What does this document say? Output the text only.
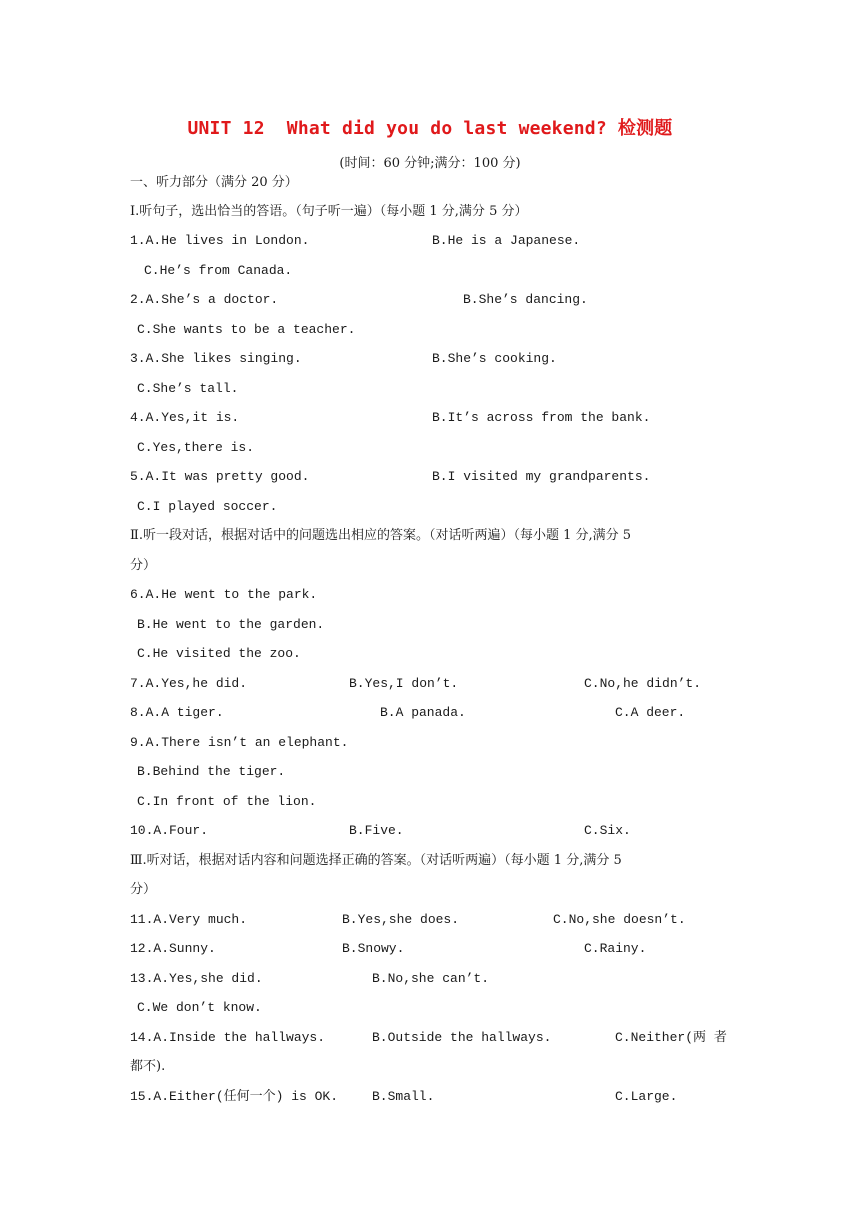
UNIT 12  What did you do last weekend? 检测题
(时间：60 分钟;满分：100 分)
一、听力部分（满分 20 分）
Ⅰ.听句子，选出恰当的答语。（句子听一遍）（每小题 1 分,满分 5 分）
1.A.He lives in London.	B.He is a Japanese.
C.He’s from Canada.
2.A.She’s a doctor.	B.She’s dancing.
C.She wants to be a teacher.
3.A.She likes singing.	B.She’s cooking.
C.She’s tall.
4.A.Yes,it is.	B.It’s across from the bank.
C.Yes,there is.
5.A.It was pretty good.	B.I visited my grandparents.
C.I played soccer.
Ⅱ.听一段对话，根据对话中的问题选出相应的答案。（对话听两遍）（每小题 1 分,满分 5
分）
6.A.He went to the park.
B.He went to the garden.
C.He visited the zoo.
7.A.Yes,he did.	B.Yes,I don’t.	C.No,he didn’t.
8.A.A tiger.	B.A panada.	C.A deer.
9.A.There isn’t an elephant.
B.Behind the tiger.
C.In front of the lion.
10.A.Four.	B.Five.	C.Six.
Ⅲ.听对话，根据对话内容和问题选择正确的答案。（对话听两遍）（每小题 1 分,满分 5
分）
11.A.Very much.	B.Yes,she does.	C.No,she doesn’t.
12.A.Sunny.	B.Snowy.	C.Rainy.
13.A.Yes,she did.	B.No,she can’t.
C.We don’t know.
14.A.Inside the hallways.	B.Outside the hallways.	C.Neither(两 者
都不).
15.A.Either(任何一个) is OK.	B.Small.	C.Large.
